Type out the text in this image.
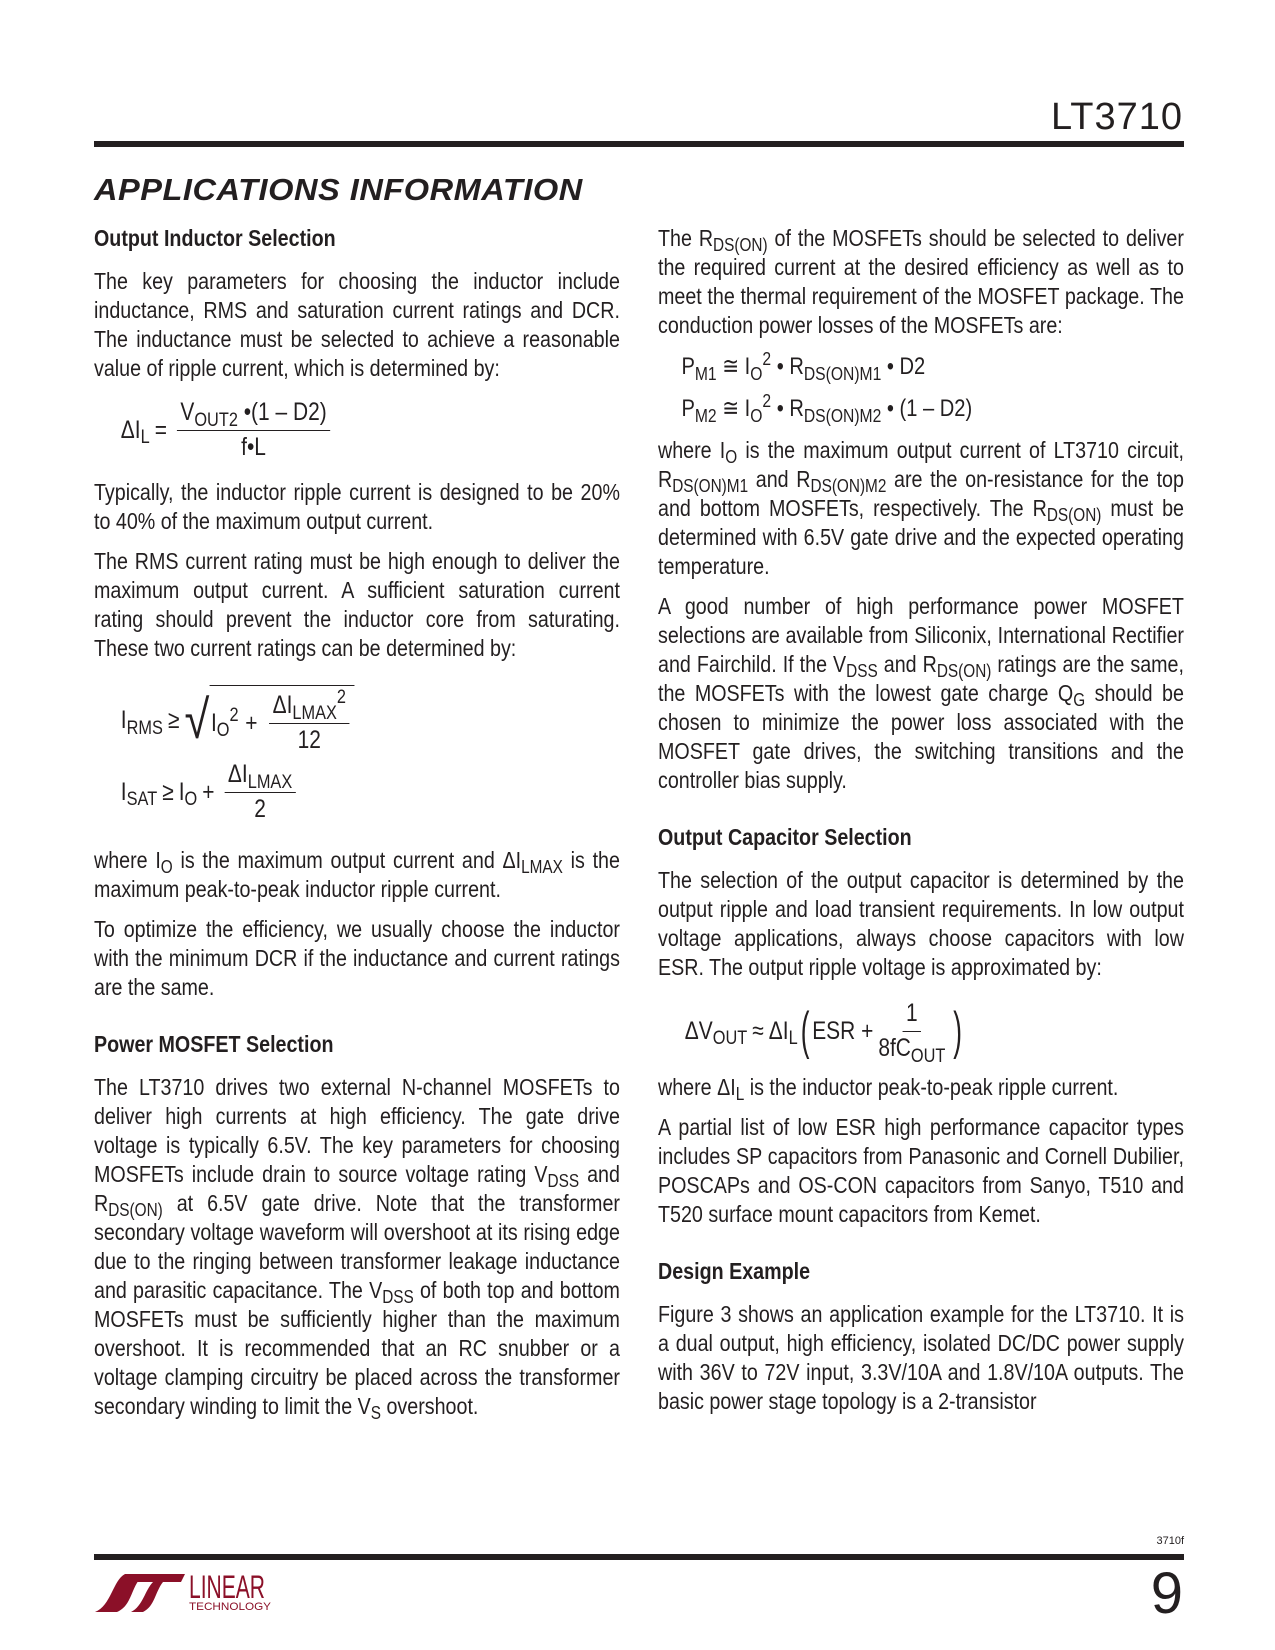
LT3710
APPLICATIONS INFORMATION
Output Inductor Selection

The key parameters for choosing the inductor include inductance, RMS and saturation current ratings and DCR. The inductance must be selected to achieve a reasonable value of ripple current, which is determined by:

$\Delta I_L = \frac{V_{OUT2} •(1 - D2)}{f•L}$

Typically, the inductor ripple current is designed to be 20% to 40% of the maximum output current.

The RMS current rating must be high enough to deliver the maximum output current. A sufficient saturation current rating should prevent the inductor core from saturating. These two current ratings can be determined by:

$I_{RMS}$ ≥ √ $I_O^2 + \frac{\Delta I_{LMAX}^2}{12}$
$I_{SAT} \ge I_O + \frac{\Delta I_{LMAX}}{2}$

where $I_O$ is the maximum output current and $\Delta I_{LMAX}$ is the maximum peak-to-peak inductor ripple current.

To optimize the efficiency, we usually choose the inductor with the minimum DCR if the inductance and current ratings are the same.

Power MOSFET Selection

The LT3710 drives two external N-channel MOSFETs to deliver high currents at high efficiency. The gate drive voltage is typically 6.5V. The key parameters for choosing MOSFETs include drain to source voltage rating $V_{DSS}$ and $R_{DS(ON)}$ at 6.5V gate drive. Note that the transformer secondary voltage waveform will overshoot at its rising edge due to the ringing between transformer leakage inductance and parasitic capacitance. The $V_{DSS}$ of both top and bottom MOSFETs must be sufficiently higher than the maximum overshoot. It is recommended that an RC snubber or a voltage clamping circuitry be placed across the transformer secondary winding to limit the $V_S$ overshoot.

The $R_{DS(ON)}$ of the MOSFETs should be selected to deliver the required current at the desired efficiency as well as to meet the thermal requirement of the MOSFET package. The conduction power losses of the MOSFETs are:

$P_{M1}$ ≅ $I_O^2$ • $R_{DS(ON)M1}$ • D2
$P_{M2}$ ≅ $I_O^2$ • $R_{DS(ON)M2}$ • (1 – D2)

where $I_O$ is the maximum output current of LT3710 circuit, $R_{DS(ON)M1}$ and $R_{DS(ON)M2}$ are the on-resistance for the top and bottom MOSFETs, respectively. The $R_{DS(ON)}$ must be determined with 6.5V gate drive and the expected operating temperature.

A good number of high performance power MOSFET selections are available from Siliconix, International Rectifier and Fairchild. If the $V_{DSS}$ and $R_{DS(ON)}$ ratings are the same, the MOSFETs with the lowest gate charge $Q_G$ should be chosen to minimize the power loss associated with the MOSFET gate drives, the switching transitions and the controller bias supply.

Output Capacitor Selection

The selection of the output capacitor is determined by the output ripple and load transient requirements. In low output voltage applications, always choose capacitors with low ESR. The output ripple voltage is approximated by:

$\Delta V_{OUT} \approx \Delta I_L$ ( ESR + $\frac{1}{8fC_{OUT}}$ )

where $\Delta I_L$ is the inductor peak-to-peak ripple current.

A partial list of low ESR high performance capacitor types includes SP capacitors from Panasonic and Cornell Dubilier, POSCAPs and OS-CON capacitors from Sanyo, T510 and T520 surface mount capacitors from Kemet.

Design Example

Figure 3 shows an application example for the LT3710. It is a dual output, high efficiency, isolated DC/DC power supply with 36V to 72V input, 3.3V/10A and 1.8V/10A outputs. The basic power stage topology is a 2-transistor

3710f
LINEAR
TECHNOLOGY	9
